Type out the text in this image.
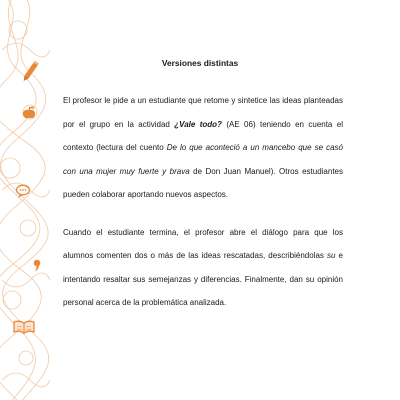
Versiones distintas

El profesor le pide a un estudiante que retome y sintetice las ideas planteadas por el grupo en la actividad ¿Vale todo? (AE 06) teniendo en cuenta el contexto (lectura del cuento De lo que aconteció a un mancebo que se casó con una mujer muy fuerte y brava de Don Juan Manuel). Otros estudiantes pueden colaborar aportando nuevos aspectos.

Cuando el estudiante termina, el profesor abre el diálogo para que los alumnos comenten dos o más de las ideas rescatadas, describiéndolas su e intentando resaltar sus semejanzas y diferencias. Finalmente, dan su opinión personal acerca de la problemática analizada.
